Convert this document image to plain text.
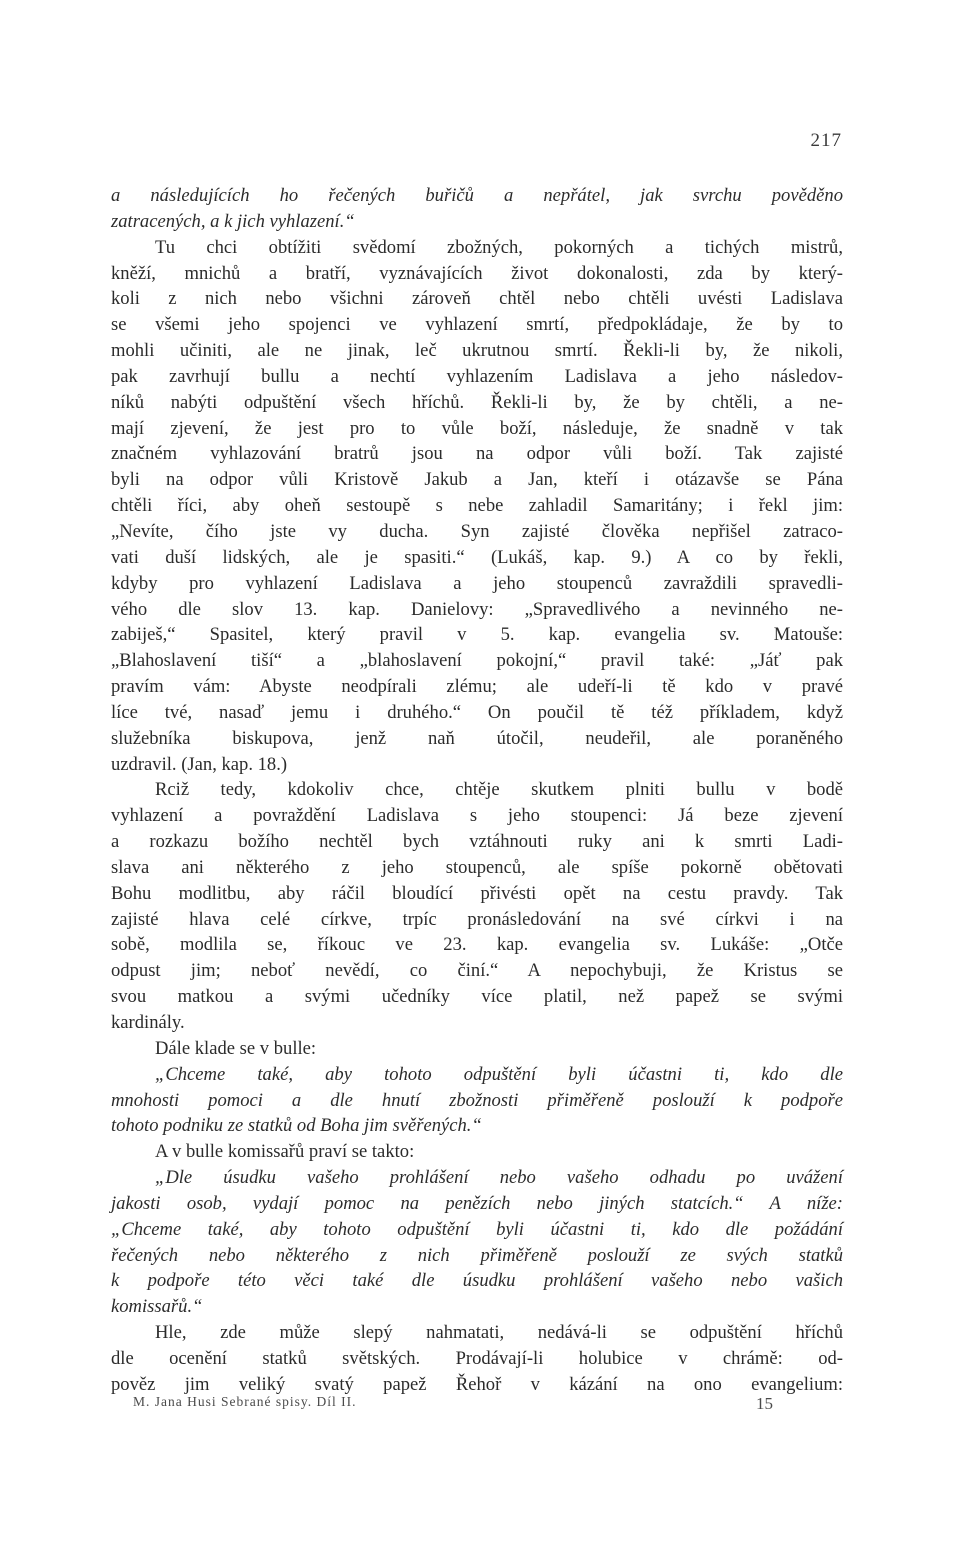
217
a následujících ho řečených buřičů a nepřátel, jak svrchu pověděno
zatracených, a k jich vyhlazení.“
Tu chci obtížiti svědomí zbožných, pokorných a tichých mistrů,
kněží, mnichů a bratří, vyznávajících život dokonalosti, zda by který-
koli z nich nebo všichni zároveň chtěl nebo chtěli uvésti Ladislava
se všemi jeho spojenci ve vyhlazení smrtí, předpokládaje, že by to
mohli učiniti, ale ne jinak, leč ukrutnou smrtí. Řekli-li by, že nikoli,
pak zavrhují bullu a nechtí vyhlazením Ladislava a jeho následov-
níků nabýti odpuštění všech hříchů. Řekli-li by, že by chtěli, a ne-
mají zjevení, že jest pro to vůle boží, následuje, že snadně v tak
značném vyhlazování bratrů jsou na odpor vůli boží. Tak zajisté
byli na odpor vůli Kristově Jakub a Jan, kteří i otázavše se Pána
chtěli říci, aby oheň sestoupě s nebe zahladil Samaritány; i řekl jim:
„Nevíte, čího jste vy ducha. Syn zajisté člověka nepřišel zatraco-
vati duší lidských, ale je spasiti.“ (Lukáš, kap. 9.) A co by řekli,
kdyby pro vyhlazení Ladislava a jeho stoupenců zavraždili spravedli-
vého dle slov 13. kap. Danielovy: „Spravedlivého a nevinného ne-
zabiješ,“ Spasitel, který pravil v 5. kap. evangelia sv. Matouše:
„Blahoslavení tiší“ a „blahoslavení pokojní,“ pravil také: „Jáť pak
pravím vám: Abyste neodpírali zlému; ale udeří-li tě kdo v pravé
líce tvé, nasaď jemu i druhého.“ On poučil tě též příkladem, když
služebníka biskupova, jenž naň útočil, neudeřil, ale poraněného
uzdravil. (Jan, kap. 18.)
Rciž tedy, kdokoliv chce, chtěje skutkem plniti bullu v bodě
vyhlazení a povraždění Ladislava s jeho stoupenci: Já beze zjevení
a rozkazu božího nechtěl bych vztáhnouti ruky ani k smrti Ladi-
slava ani některého z jeho stoupenců, ale spíše pokorně obětovati
Bohu modlitbu, aby ráčil bloudící přivésti opět na cestu pravdy. Tak
zajisté hlava celé církve, trpíc pronásledování na své církvi i na
sobě, modlila se, říkouc ve 23. kap. evangelia sv. Lukáše: „Otče
odpust jim; neboť nevědí, co činí.“ A nepochybuji, že Kristus se
svou matkou a svými učedníky více platil, než papež se svými
kardinály.
Dále klade se v bulle:
„Chceme také, aby tohoto odpuštění byli účastni ti, kdo dle
mnohosti pomoci a dle hnutí zbožnosti přiměřeně poslouží k podpoře
tohoto podniku ze statků od Boha jim svěřených.“
A v bulle komissařů praví se takto:
„Dle úsudku vašeho prohlášení nebo vašeho odhadu po uvážení
jakosti osob, vydají pomoc na penězích nebo jiných statcích.“ A níže:
„Chceme také, aby tohoto odpuštění byli účastni ti, kdo dle požádání
řečených nebo některého z nich přiměřeně poslouží ze svých statků
k podpoře této věci také dle úsudku prohlášení vašeho nebo vašich
komissařů.“
Hle, zde může slepý nahmatati, nedává-li se odpuštění hříchů
dle ocenění statků světských. Prodávají-li holubice v chrámě: od-
pověz jim veliký svatý papež Řehoř v kázání na ono evangelium:
M. Jana Husi Sebrané spisy. Díl II.	15
